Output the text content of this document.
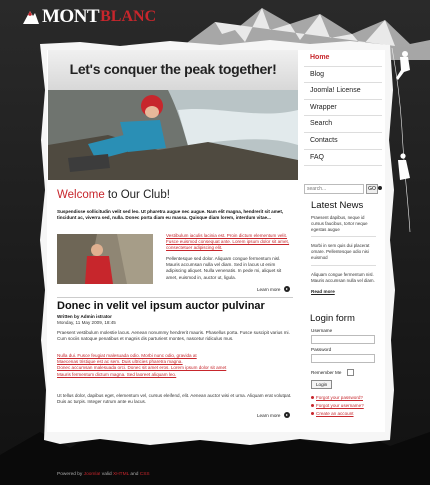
MONT BLANC
Let's conquer the peak together!
Home
Blog
Joomla! License
Wrapper
Search
Contacts
FAQ
search...	GO
Welcome to Our Club!
Suspendisse sollicitudin velit sed leo. Ut pharetra augue nec augue. Nam elit magna, hendrerit sit amet, tincidunt ac, viverra sed, nulla. Donec porta diam eu massa. Quisque diam lorem, interdum vitae...
Vestibulum iaculis lacinia est. Proin dictum elementum velit. Fusce euismod consequat ante. Lorem ipsum dolor sit amet, consectetuer adipiscing elit.
Pellentesque sed dolor. Aliquam congue fermentum nisl. Mauris accumsan nulla vel diam. Sed in lacus ut enim adipiscing aliquet. Nulla venenatis. In pede mi, aliquet sit amet, euismod in, auctor ut, ligula.
Learn more
Donec in velit vel ipsum auctor pulvinar
Written by Admin istrator
Monday, 11 May 2009, 18:45
Praesent vestibulum molestie lacus. Aenean nonummy hendrerit mauris. Phasellus porta. Fusce suscipit varius mi. Cum sociis natoque penatibus et magnis dis parturient montes, nascetur ridiculus mus.
Nulla dui. Fusce feugiat malesuada odio. Morbi nunc odio, gravida at
Maecenas tristique est ac sem. Duis ultricies pharetra magna.
Donec accumsan malesuada orci. Donec sit amet eros. Lorem ipsum dolor sit amet
Mauris fermentum dictum magna. Sed laoreet aliquam leo.
Ut tellus dolor, dapibus eget, elementum vel, cursus eleifend, elit. Aenean auctor wisi et urna. Aliquam erat volutpat. Duis ac turpis. Integer rutrum ante eu lacus.
Learn more
Latest News
Praesent dapibus, neque id cursus faucibus, tortor neque egestas augue
Morbi in sem quis dui placerat ornare. Pellentesque odio nisi euismod
Aliquam congue fermentum nisl. Mauris accumsan nulla vel diam.
Read more
Login form
Username
Password
Remember Me
Login
Forgot your password?
Forgot your username?
Create an account
Powered by Joomla! valid XHTML and CSS
